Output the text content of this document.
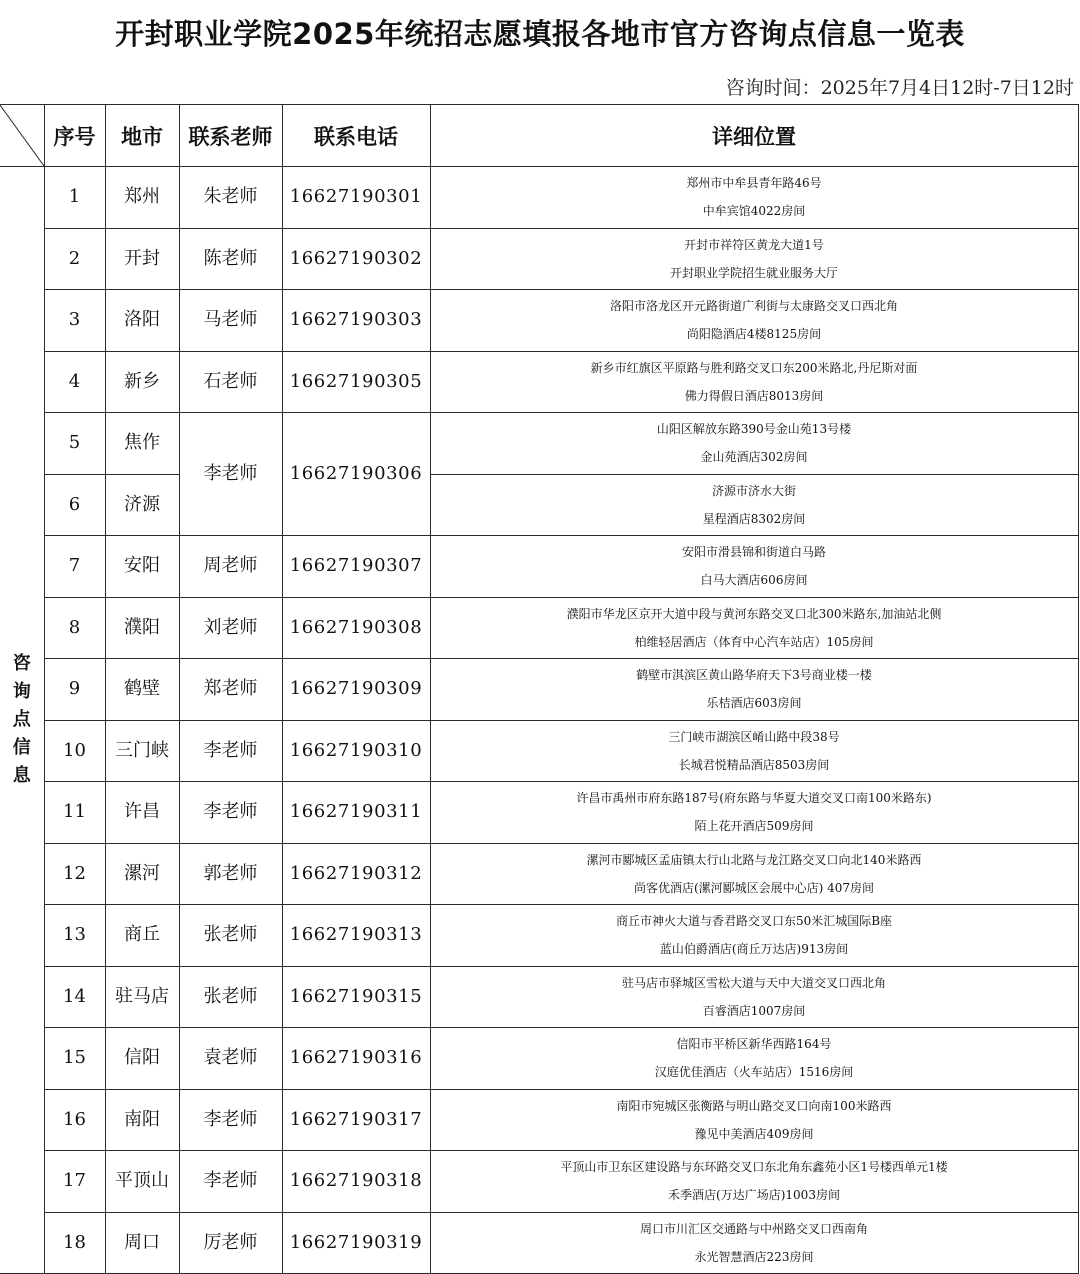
开封职业学院2025年统招志愿填报各地市官方咨询点信息一览表
咨询时间：2025年7月4日12时-7日12时
	序号	地市	联系老师	联系电话	详细位置
咨询点信息	1	郑州	朱老师	16627190301	郑州市中牟县青年路46号
中牟宾馆4022房间

	2	开封	陈老师	16627190302	开封市祥符区黄龙大道1号
开封职业学院招生就业服务大厅

	3	洛阳	马老师	16627190303	洛阳市洛龙区开元路街道广利街与太康路交叉口西北角
尚阳隐酒店4楼8125房间

	4	新乡	石老师	16627190305	新乡市红旗区平原路与胜利路交叉口东200米路北,丹尼斯对面
佛力得假日酒店8013房间

	5	焦作	李老师	16627190306	山阳区解放东路390号金山苑13号楼
金山苑酒店302房间

	6	济源			济源市济水大街
星程酒店8302房间

	7	安阳	周老师	16627190307	安阳市滑县锦和街道白马路
白马大酒店606房间

	8	濮阳	刘老师	16627190308	濮阳市华龙区京开大道中段与黄河东路交叉口北300米路东,加油站北侧
柏维轻居酒店（体育中心汽车站店）105房间

	9	鹤壁	郑老师	16627190309	鹤壁市淇滨区黄山路华府天下3号商业楼一楼
乐桔酒店603房间

	10	三门峡	李老师	16627190310	三门峡市湖滨区崤山路中段38号
长城君悦精品酒店8503房间

	11	许昌	李老师	16627190311	许昌市禹州市府东路187号(府东路与华夏大道交叉口南100米路东)
陌上花开酒店509房间

	12	漯河	郭老师	16627190312	漯河市郾城区孟庙镇太行山北路与龙江路交叉口向北140米路西
尚客优酒店(漯河郾城区会展中心店) 407房间

	13	商丘	张老师	16627190313	商丘市神火大道与香君路交叉口东50米汇城国际B座
蓝山伯爵酒店(商丘万达店)913房间

	14	驻马店	张老师	16627190315	驻马店市驿城区雪松大道与天中大道交叉口西北角
百睿酒店1007房间

	15	信阳	袁老师	16627190316	信阳市平桥区新华西路164号
汉庭优佳酒店（火车站店）1516房间

	16	南阳	李老师	16627190317	南阳市宛城区张衡路与明山路交叉口向南100米路西
豫见中美酒店409房间

	17	平顶山	李老师	16627190318	平顶山市卫东区建设路与东环路交叉口东北角东鑫苑小区1号楼西单元1楼
禾季酒店(万达广场店)1003房间

	18	周口	厉老师	16627190319	周口市川汇区交通路与中州路交叉口西南角
永光智慧酒店223房间
